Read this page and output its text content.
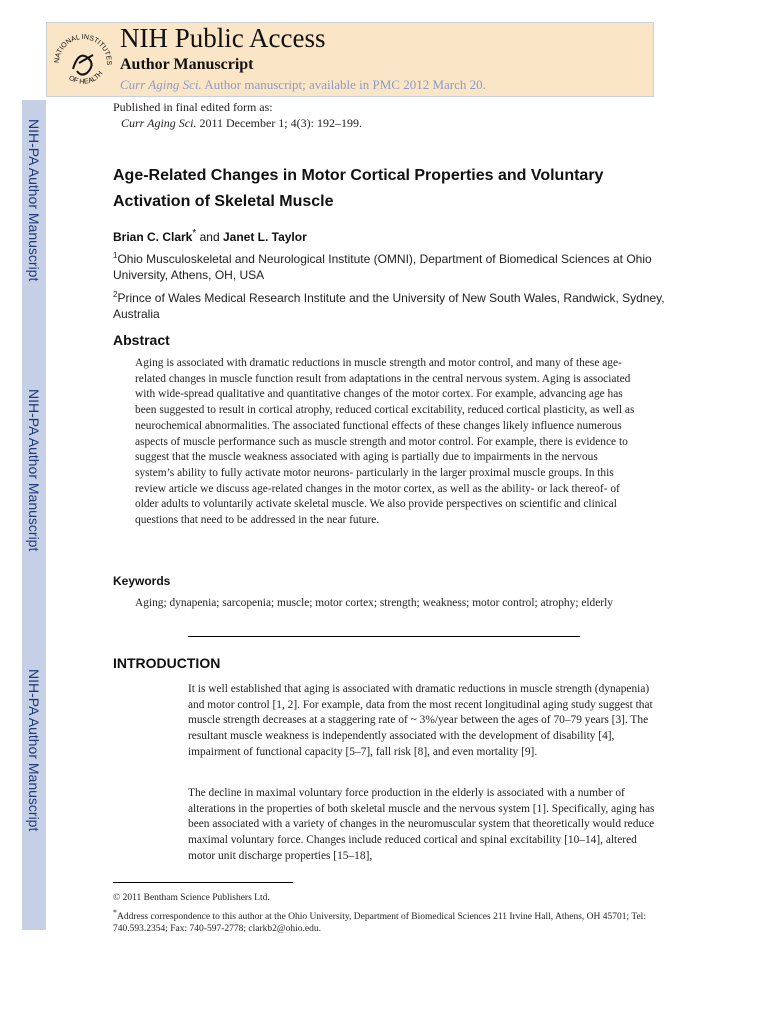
NIH-PA Author Manuscript
NIH-PA Author Manuscript
NIH-PA Author Manuscript
NATIONAL INSTITUTES
OF HEALTH
NIH Public Access
Author Manuscript
Curr Aging Sci. Author manuscript; available in PMC 2012 March 20.
Published in final edited form as:
Curr Aging Sci. 2011 December 1; 4(3): 192–199.
Age-Related Changes in Motor Cortical Properties and Voluntary Activation of Skeletal Muscle
Brian C. Clark* and Janet L. Taylor
$^1$Ohio Musculoskeletal and Neurological Institute (OMNI), Department of Biomedical Sciences at Ohio University, Athens, OH, USA
$^2$Prince of Wales Medical Research Institute and the University of New South Wales, Randwick, Sydney, Australia
Abstract
Aging is associated with dramatic reductions in muscle strength and motor control, and many of these age-related changes in muscle function result from adaptations in the central nervous system. Aging is associated with wide-spread qualitative and quantitative changes of the motor cortex. For example, advancing age has been suggested to result in cortical atrophy, reduced cortical excitability, reduced cortical plasticity, as well as neurochemical abnormalities. The associated functional effects of these changes likely influence numerous aspects of muscle performance such as muscle strength and motor control. For example, there is evidence to suggest that the muscle weakness associated with aging is partially due to impairments in the nervous system’s ability to fully activate motor neurons- particularly in the larger proximal muscle groups. In this review article we discuss age-related changes in the motor cortex, as well as the ability- or lack thereof- of older adults to voluntarily activate skeletal muscle. We also provide perspectives on scientific and clinical questions that need to be addressed in the near future.
Keywords
Aging; dynapenia; sarcopenia; muscle; motor cortex; strength; weakness; motor control; atrophy; elderly
INTRODUCTION
It is well established that aging is associated with dramatic reductions in muscle strength (dynapenia) and motor control [1, 2]. For example, data from the most recent longitudinal aging study suggest that muscle strength decreases at a staggering rate of ~ 3%/year between the ages of 70–79 years [3]. The resultant muscle weakness is independently associated with the development of disability [4], impairment of functional capacity [5–7], fall risk [8], and even mortality [9].
The decline in maximal voluntary force production in the elderly is associated with a number of alterations in the properties of both skeletal muscle and the nervous system [1]. Specifically, aging has been associated with a variety of changes in the neuromuscular system that theoretically would reduce maximal voluntary force. Changes include reduced cortical and spinal excitability [10–14], altered motor unit discharge properties [15–18],
© 2011 Bentham Science Publishers Ltd.
*Address correspondence to this author at the Ohio University, Department of Biomedical Sciences 211 Irvine Hall, Athens, OH 45701; Tel: 740.593.2354; Fax: 740-597-2778; clarkb2@ohio.edu.
